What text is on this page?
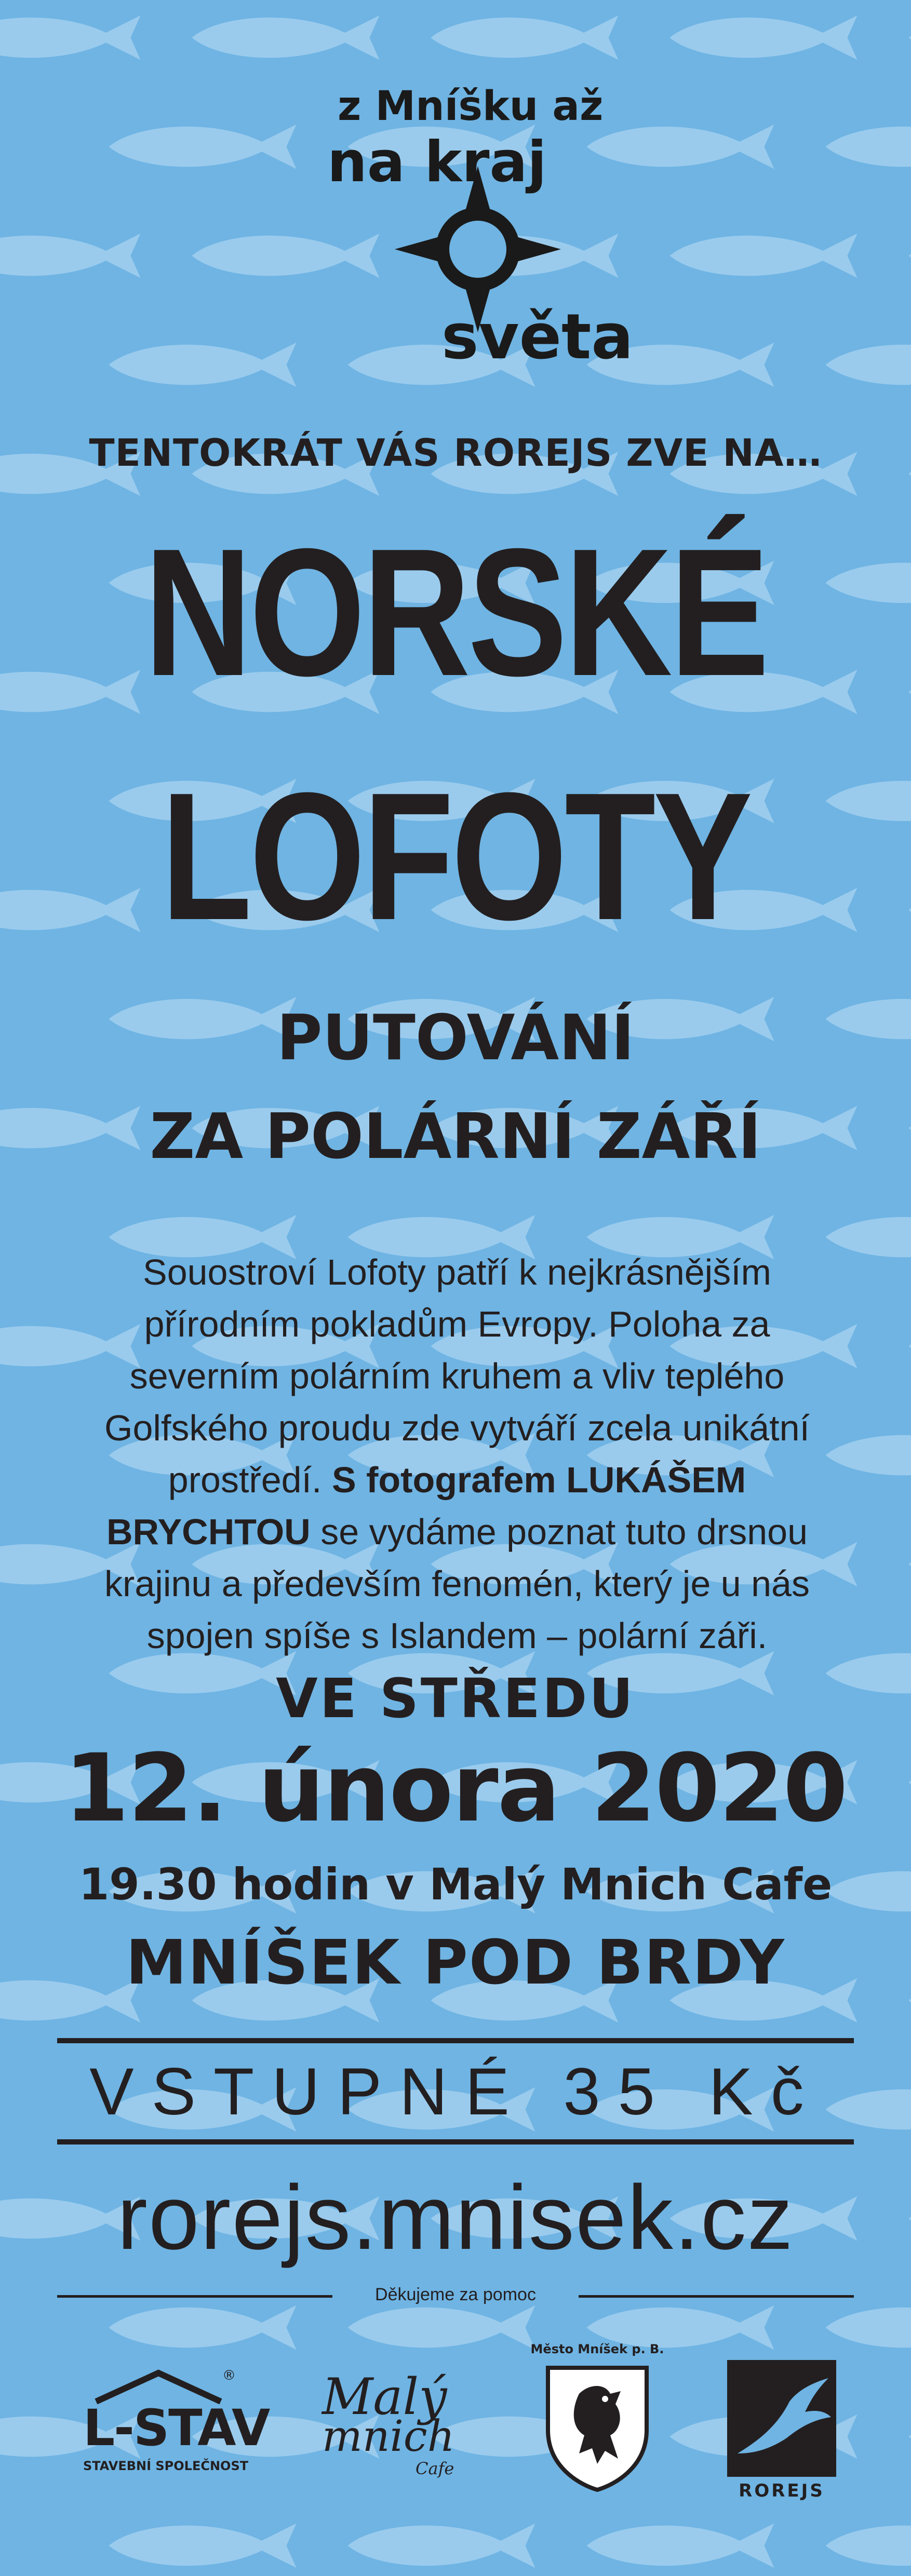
z Mníšku až
na kraj
světa
TENTOKRÁT VÁS ROREJS ZVE NA…
NORSKÉ
LOFOTY
PUTOVÁNÍ
ZA POLÁRNÍ ZÁŘÍ
Souostroví Lofoty patří k nejkrásnějším přírodním pokladům Evropy. Poloha za severním polárním kruhem a vliv teplého Golfského proudu zde vytváří zcela unikátní prostředí. S fotografem LUKÁŠEM BRYCHTOU se vydáme poznat tuto drsnou krajinu a především fenomén, který je u nás spojen spíše s Islandem – polární záři.
VE STŘEDU
12. února 2020
19.30 hodin v Malý Mnich Cafe
MNÍŠEK POD BRDY
VSTUPNÉ 35 Kč
rorejs.mnisek.cz
Děkujeme za pomoc
®
L-STAV
STAVEBNÍ SPOLEČNOST
Malý
mnich
Cafe
Město Mníšek p. B.
ROREJS
